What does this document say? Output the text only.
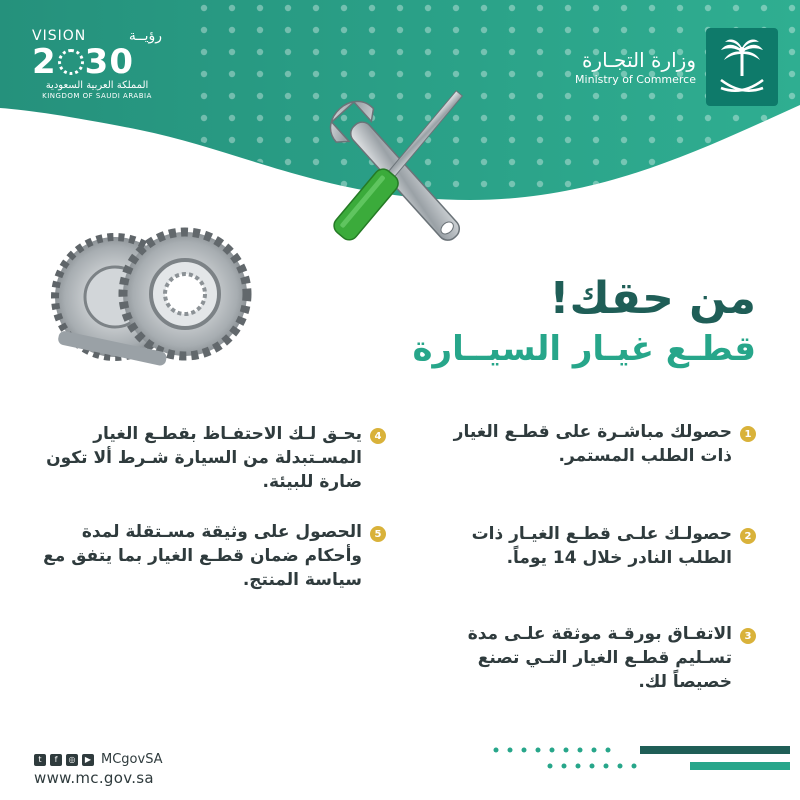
VISION	رؤيــة
2 30
المملكة العربية السعودية
KINGDOM OF SAUDI ARABIA
وزارة التجـارة
Ministry of Commerce
من حقك!
قطـع غيـار السيــارة
1
حصولك مباشـرة على قطـع الغيار ذات الطلب المستمر.
2
حصولـك علـى قطـع الغيـار ذات الطلب النادر خلال 14 يوماً.
3
الاتفـاق بورقـة موثقة علـى مدة تسـليم قطـع الغيار التـي تصنع خصيصاً لك.
4
يحـق لـك الاحتفـاظ بقطـع الغيار المسـتبدلة من السيارة شـرط ألا تكون ضارة للبيئة.
5
الحصول على وثيقة مسـتقلة لمدة وأحكام ضمان قطـع الغيار بما يتفق مع سياسة المنتج.
t	f	◎	▶ MCgovSA
www.mc.gov.sa
